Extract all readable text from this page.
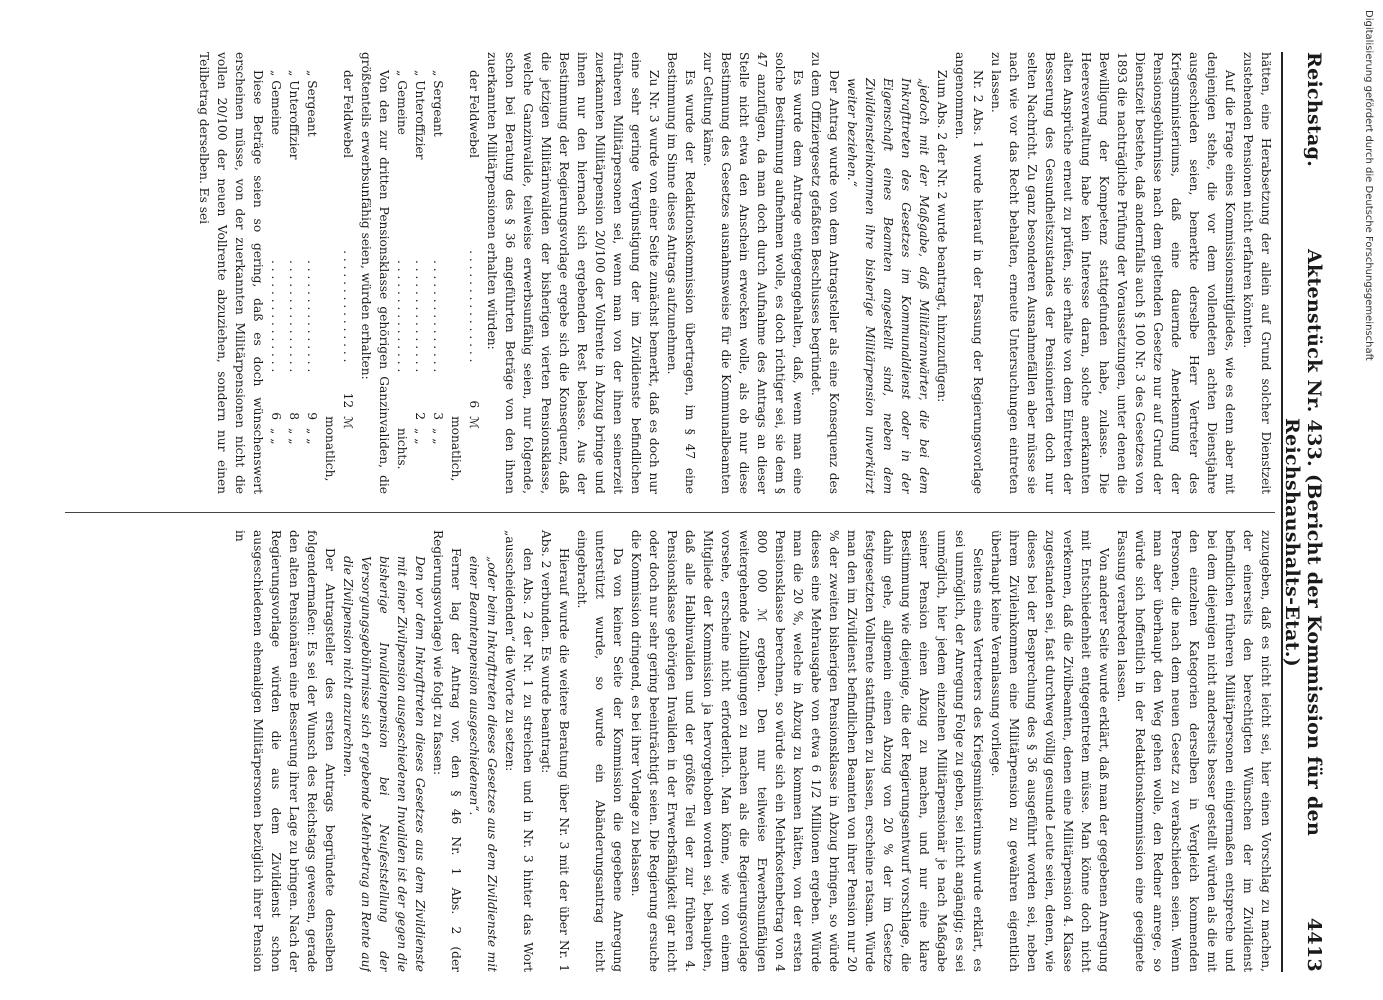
Reichstag.
Aktenstück Nr. 433. (Bericht der Kommission für den Reichshaushalts-Etat.)
4413

hätten, eine Herabsetzung der allein auf Grund solcher Dienstzeit zustehenden Pensionen nicht erfahren könnten.

Auf die Frage eines Kommissionsmitgliedes, wie es denn aber mit denjenigen stehe, die vor dem vollendeten achten Dienstjahre ausgeschieden seien, bemerkte derselbe Herr Vertreter des Kriegsministeriums, daß eine dauernde Anerkennung der Pensionsgebührnisse nach dem geltenden Gesetze nur auf Grund der Dienstzeit bestehe, daß andernfalls auch § 100 Nr. 3 des Gesetzes von 1893 die nachträgliche Prüfung der Voraussetzungen, unter denen die Bewilligung der Kompetenz stattgefunden habe, zulasse. Die Heeresverwaltung habe kein Interesse daran, solche anerkannten alten Ansprüche erneut zu prüfen, sie erhalte von dem Eintreten der Besserung des Gesundheitszustandes der Pensionierten doch nur selten Nachricht. Zu ganz besonderen Ausnahmefällen aber müsse sie nach wie vor das Recht behalten, erneute Untersuchungen eintreten zu lassen.

Nr. 2 Abs. 1 wurde hierauf in der Fassung der Regierungsvorlage angenommen.

Zum Abs. 2 der Nr. 2 wurde beantragt, hinzuzufügen:

„jedoch mit der Maßgabe, daß Militäranwärter, die bei dem Inkrafttreten des Gesetzes im Kommunaldienst oder in der Eigenschaft eines Beamten angestellt sind, neben dem Zivildiensteinkommen ihre bisherige Militärpension unverkürzt weiter beziehen.“

Der Antrag wurde von dem Antragsteller als eine Konsequenz des zu dem Offiziergesetz gefaßten Beschlusses begründet.

Es wurde dem Antrage entgegengehalten, daß, wenn man eine solche Bestimmung aufnehmen wolle, es doch richtiger sei, sie dem § 47 anzufügen, da man doch durch Aufnahme des Antrags an dieser Stelle nicht etwa den Anschein erwecken wolle, als ob nur diese Bestimmung des Gesetzes ausnahmsweise für die Kommunalbeamten zur Geltung käme.

Es wurde der Redaktionskommission übertragen, im § 47 eine Bestimmung im Sinne dieses Antrags aufzunehmen.

Zu Nr. 3 wurde von einer Seite zunächst bemerkt, daß es doch nur eine sehr geringe Vergünstigung der im Zivildienste befindlichen früheren Militärpersonen sei, wenn man von der ihnen seinerzeit zuerkannten Militärpension 20/100 der Vollrente in Abzug bringe und ihnen nur den hiernach sich ergebenden Rest belasse. Aus der Bestimmung der Regierungsvorlage ergebe sich die Konsequenz, daß die jetzigen Militärinvaliden der bisherigen vierten Pensionsklasse, welche Ganzinvalide, teilweise erwerbsunfähig seien, nur folgende, schon bei Beratung des § 36 angeführten Beträge von den ihnen zuerkannten Militärpensionen erhalten würden:

der Feldwebel
. . . . . . . . . . . . . . .
6
ℳ monatlich,
„ Sergeant
. . . . . . . . . . . . . . .
3
„ „
„ Unteroffizier
. . . . . . . . . . . . . . .
2
„ „
„ Gemeine
. . . . . . . . . . . . . . .
nichts.

Von den zur dritten Pensionsklasse gehörigen Ganzinvaliden, die größtenteils erwerbsunfähig seien, würden erhalten:

der Feldwebel
. . . . . . . . . . . . . . .
12
ℳ monatlich,
„ Sergeant
. . . . . . . . . . . . . . .
9
„ „
„ Unteroffizier
. . . . . . . . . . . . . . .
8
„ „
„ Gemeine
. . . . . . . . . . . . . . .
6
„ „

Diese Beträge seien so gering, daß es doch wünschenswert erscheinen müsse, von der zuerkannten Militärpensionen nicht die vollen 20/100 der neuen Vollrente abzuziehen, sondern nur einen Teilbetrag derselben. Es sei

zuzugeben, daß es nicht leicht sei, hier einen Vorschlag zu machen, der einerseits den berechtigten Wünschen der im Zivildienst befindlichen früheren Militärpersonen einigermaßen entspreche und bei dem diejenigen nicht anderseits besser gestellt würden als die mit den einzelnen Kategorien derselben in Vergleich kommenden Personen, die nach dem neuen Gesetz zu verabschieden seien. Wenn man aber überhaupt den Weg gehen wolle, den Redner anrege, so würde sich hoffentlich in der Redaktionskommission eine geeignete Fassung verabreden lassen.

Von anderer Seite wurde erklärt, daß man der gegebenen Anregung mit Entschiedenheit entgegentreten müsse. Man könne doch nicht verkennen, daß die Zivilbeamten, denen eine Militärpension 4. Klasse zugestanden sei, fast durchweg völlig gesunde Leute seien, denen, wie dieses bei der Besprechung des § 36 ausgeführt worden sei, neben ihrem Zivileinkommen eine Militärpension zu gewähren eigentlich überhaupt keine Veranlassung vorliege.

Seitens eines Vertreters des Kriegsministeriums wurde erklärt, es sei unmöglich, der Anregung Folge zu geben, sei nicht angängig; es sei unmöglich, hier jedem einzelnen Militärpensionär je nach Maßgabe seiner Pension einen Abzug zu machen, und nur eine klare Bestimmung wie diejenige, die der Regierungsentwurf vorschlage, die dahin gehe, allgemein einen Abzug von 20 % der im Gesetze festgesetzten Vollrente stattfinden zu lassen, erscheine ratsam. Würde man den im Zivildienst befindlichen Beamten von ihrer Pension nur 20 % der zweiten bisherigen Pensionsklasse in Abzug bringen, so würde dieses eine Mehrausgabe von etwa 6 1/2 Millionen ergeben. Würde man die 20 %, welche in Abzug zu kommen hätten, von der ersten Pensionsklasse berechnen, so würde sich ein Mehrkostenbetrag von 4 800 000 ℳ ergeben. Den nur teilweise Erwerbsunfähigen weitergehende Zubilligungen zu machen als die Regierungsvorlage vorsehe, erscheine nicht erforderlich. Man könne, wie von einem Mitgliede der Kommission ja hervorgehoben worden sei, behaupten, daß alle Halbinvaliden und der größte Teil der zur früheren 4. Pensionsklasse gehörigen Invaliden in der Erwerbsfähigkeit gar nicht oder doch nur sehr gering beeinträchtigt seien. Die Regierung ersuche die Kommission dringend, es bei ihrer Vorlage zu belassen.

Da von keiner Seite der Kommission die gegebene Anregung unterstützt wurde, so wurde ein Abänderungsantrag nicht eingebracht.

Hierauf wurde die weitere Beratung über Nr. 3 mit der über Nr. 1 Abs. 2 verbunden. Es wurde beantragt:

den Abs. 2 der Nr. 1 zu streichen und in Nr. 3 hinter das Wort „ausscheidenden“ die Worte zu setzen:

„oder beim Inkrafttreten dieses Gesetzes aus dem Zivildienste mit einer Beamtenpension ausgeschiedenen“.

Ferner lag der Antrag vor, den § 46 Nr. 1 Abs. 2 (der Regierungsvorlage) wie folgt zu fassen:

Den vor dem Inkrafttreten dieses Gesetzes aus dem Zivildienste mit einer Zivilpension ausgeschiedenen Invaliden ist der gegen die bisherige Invalidenpension bei Neufeststellung der Versorgungsgebührnisse sich ergebende Mehrbetrag an Rente auf die Zivilpension nicht anzurechnen.

Der Antragsteller des ersten Antrags begründete denselben folgendermaßen: Es sei der Wunsch des Reichstags gewesen, gerade den alten Pensionären eine Besserung ihrer Lage zu bringen. Nach der Regierungsvorlage würden die aus dem Zivildienst schon ausgeschiedenen ehemaligen Militärpersonen bezüglich ihrer Pension in

Digitalisierung gefördert durch die Deutsche Forschungsgemeinschaft
